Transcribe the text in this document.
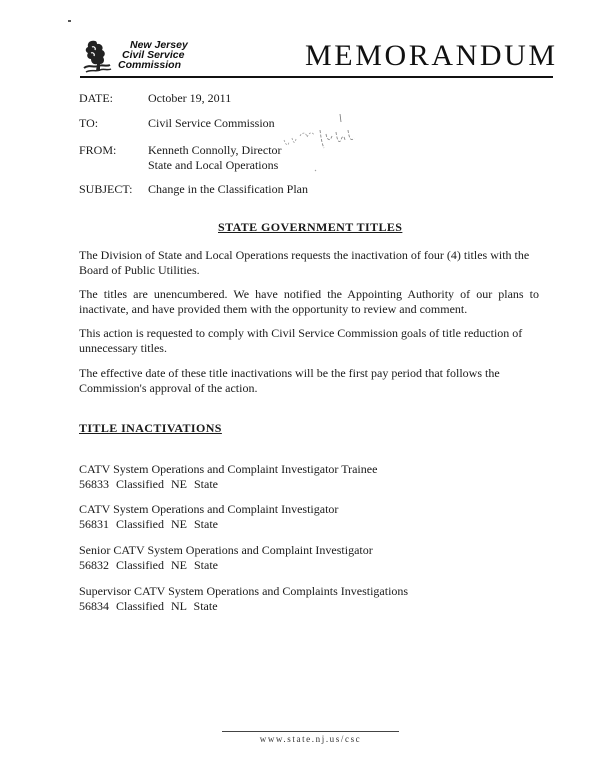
New Jersey
Civil Service
Commission	MEMORANDUM
DATE:	October 19, 2011
TO:	Civil Service Commission
FROM:	Kenneth Connolly, Director
State and Local Operations
SUBJECT: Change in the Classification Plan
STATE GOVERNMENT TITLES

The Division of State and Local Operations requests the inactivation of four (4) titles with the Board of Public Utilities.

The titles are unencumbered. We have notified the Appointing Authority of our plans to inactivate, and have provided them with the opportunity to review and comment.

This action is requested to comply with Civil Service Commission goals of title reduction of unnecessary titles.

The effective date of these title inactivations will be the first pay period that follows the Commission's approval of the action.

TITLE INACTIVATIONS
CATV System Operations and Complaint Investigator Trainee
56833 Classified NE State
CATV System Operations and Complaint Investigator
56831 Classified NE State
Senior CATV System Operations and Complaint Investigator
56832 Classified NE State
Supervisor CATV System Operations and Complaints Investigations
56834 Classified NL State
www.state.nj.us/csc
